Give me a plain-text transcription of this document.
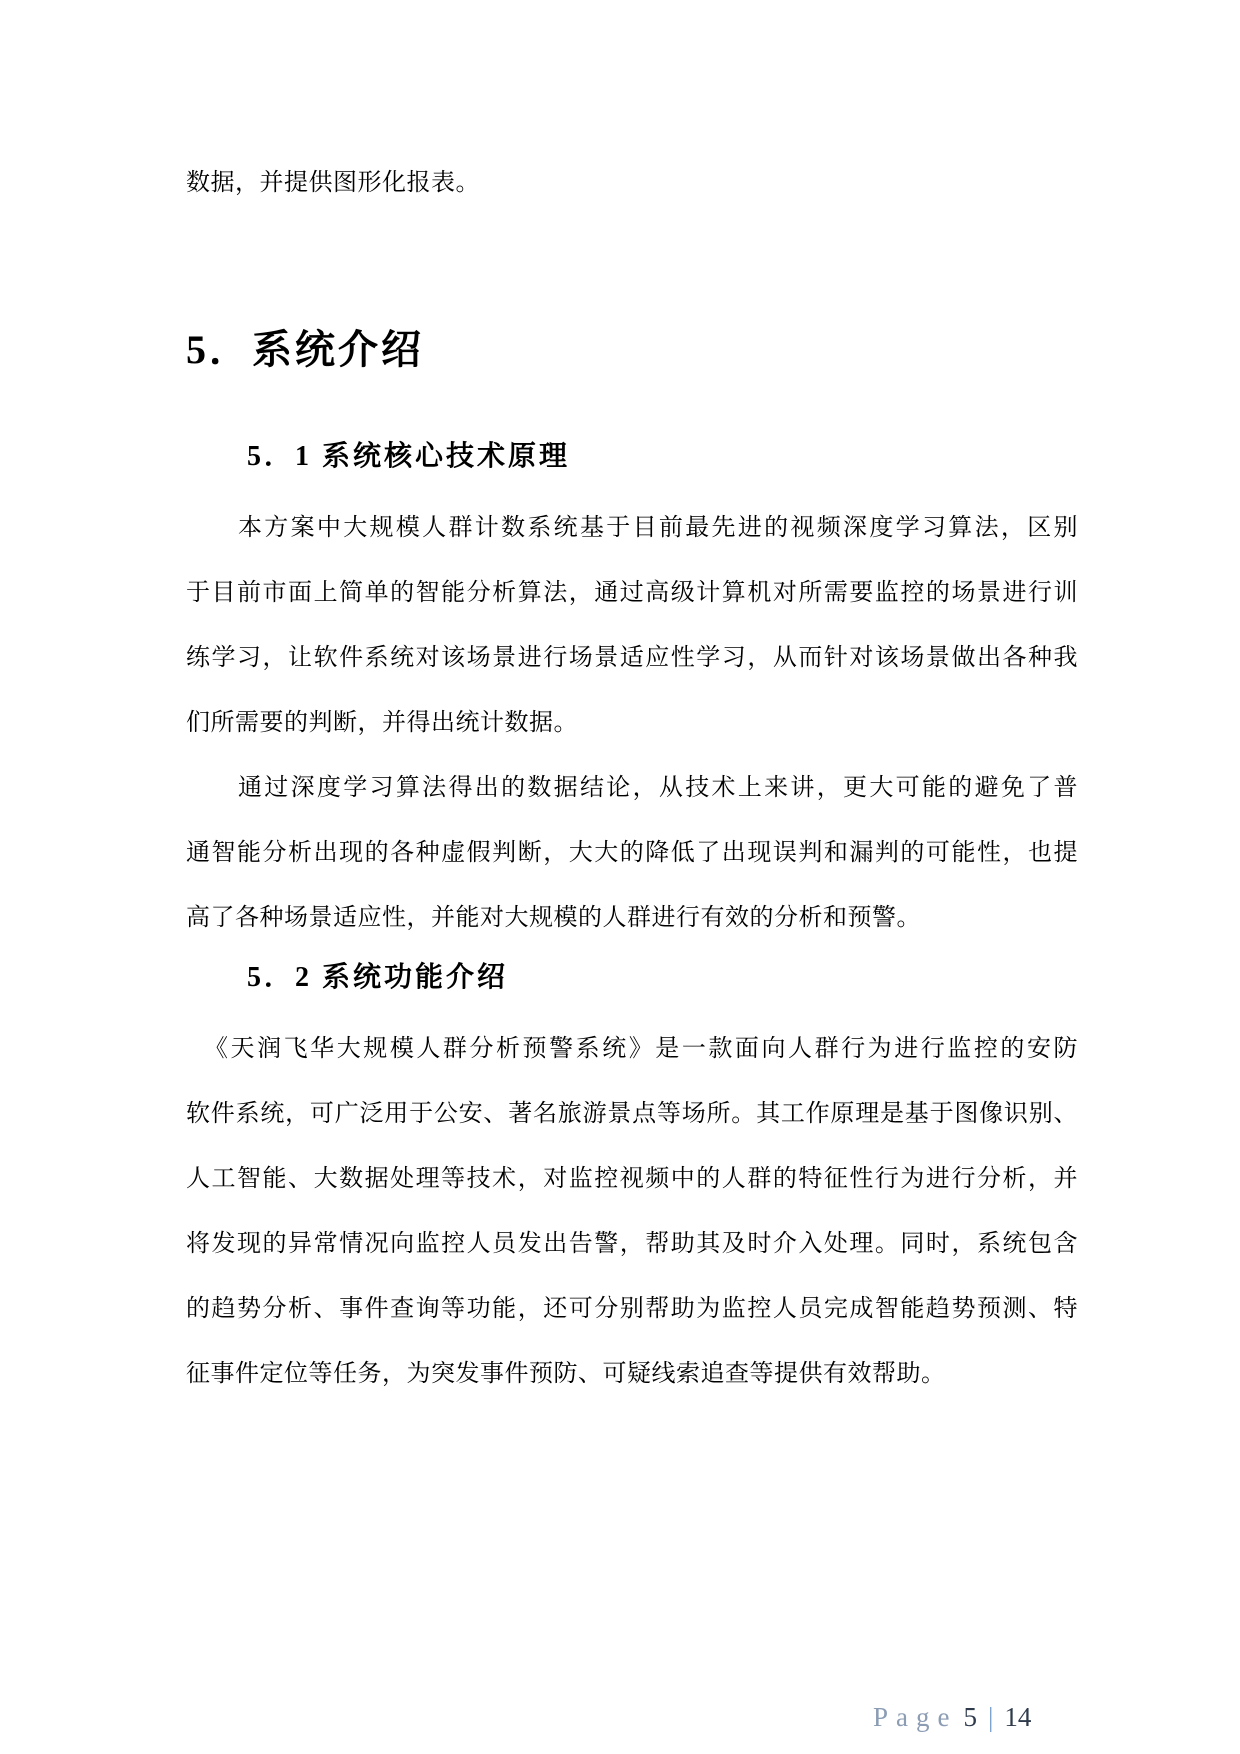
数据，并提供图形化报表。

5．系统介绍
5．1 系统核心技术原理

本方案中大规模人群计数系统基于目前最先进的视频深度学习算法，区别

于目前市面上简单的智能分析算法，通过高级计算机对所需要监控的场景进行训

练学习，让软件系统对该场景进行场景适应性学习，从而针对该场景做出各种我

们所需要的判断，并得出统计数据。

通过深度学习算法得出的数据结论，从技术上来讲，更大可能的避免了普

通智能分析出现的各种虚假判断，大大的降低了出现误判和漏判的可能性，也提

高了各种场景适应性，并能对大规模的人群进行有效的分析和预警。

5．2 系统功能介绍

《天润飞华大规模人群分析预警系统》是一款面向人群行为进行监控的安防

软件系统，可广泛用于公安、著名旅游景点等场所。其工作原理是基于图像识别、

人工智能、大数据处理等技术，对监控视频中的人群的特征性行为进行分析，并

将发现的异常情况向监控人员发出告警，帮助其及时介入处理。同时，系统包含

的趋势分析、事件查询等功能，还可分别帮助为监控人员完成智能趋势预测、特

征事件定位等任务，为突发事件预防、可疑线索追查等提供有效帮助。

Page 5 | 14
